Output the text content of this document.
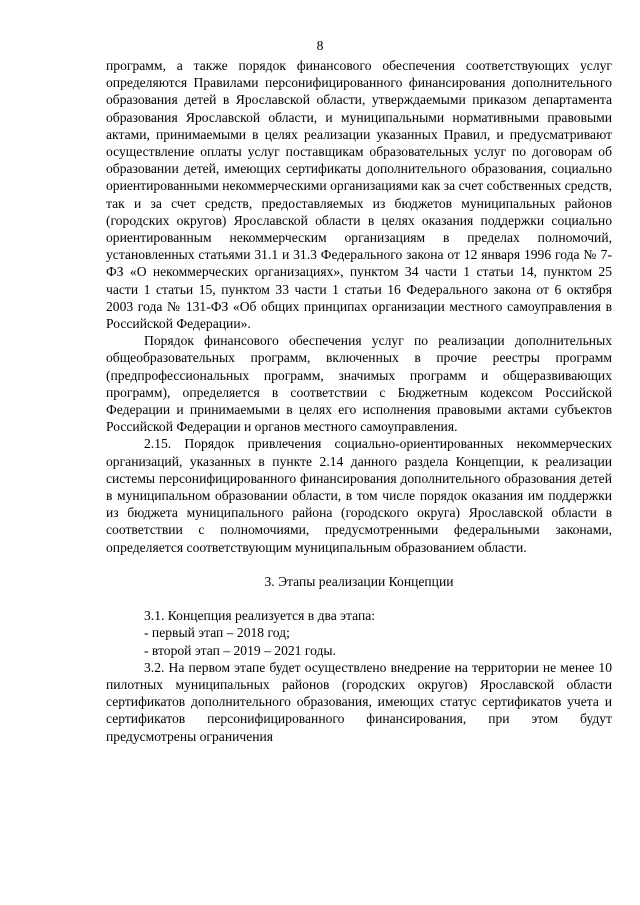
8

программ, а также порядок финансового обеспечения соответствующих услуг определяются Правилами персонифицированного финансирования дополнительного образования детей в Ярославской области, утверждаемыми приказом департамента образования Ярославской области, и муниципальными нормативными правовыми актами, принимаемыми в целях реализации указанных Правил, и предусматривают осуществление оплаты услуг поставщикам образовательных услуг по договорам об образовании детей, имеющих сертификаты дополнительного образования, социально ориентированными некоммерческими организациями как за счет собственных средств, так и за счет средств, предоставляемых из бюджетов муниципальных районов (городских округов) Ярославской области в целях оказания поддержки социально ориентированным некоммерческим организациям в пределах полномочий, установленных статьями 31.1 и 31.3 Федерального закона от 12 января 1996 года № 7-ФЗ «О некоммерческих организациях», пунктом 34 части 1 статьи 14, пунктом 25 части 1 статьи 15, пунктом 33 части 1 статьи 16 Федерального закона от 6 октября 2003 года № 131-ФЗ «Об общих принципах организации местного самоуправления в Российской Федерации».

Порядок финансового обеспечения услуг по реализации дополнительных общеобразовательных программ, включенных в прочие реестры программ (предпрофессиональных программ, значимых программ и общеразвивающих программ), определяется в соответствии с Бюджетным кодексом Российской Федерации и принимаемыми в целях его исполнения правовыми актами субъектов Российской Федерации и органов местного самоуправления.

2.15. Порядок привлечения социально-ориентированных некоммерческих организаций, указанных в пункте 2.14 данного раздела Концепции, к реализации системы персонифицированного финансирования дополнительного образования детей в муниципальном образовании области, в том числе порядок оказания им поддержки из бюджета муниципального района (городского округа) Ярославской области в соответствии с полномочиями, предусмотренными федеральными законами, определяется соответствующим муниципальным образованием области.

3. Этапы реализации Концепции

3.1. Концепция реализуется в два этапа:

- первый этап – 2018 год;

- второй этап – 2019 – 2021 годы.

3.2. На первом этапе будет осуществлено внедрение на территории не менее 10 пилотных муниципальных районов (городских округов) Ярославской области сертификатов дополнительного образования, имеющих статус сертификатов учета и сертификатов персонифицированного финансирования, при этом будут предусмотрены ограничения
